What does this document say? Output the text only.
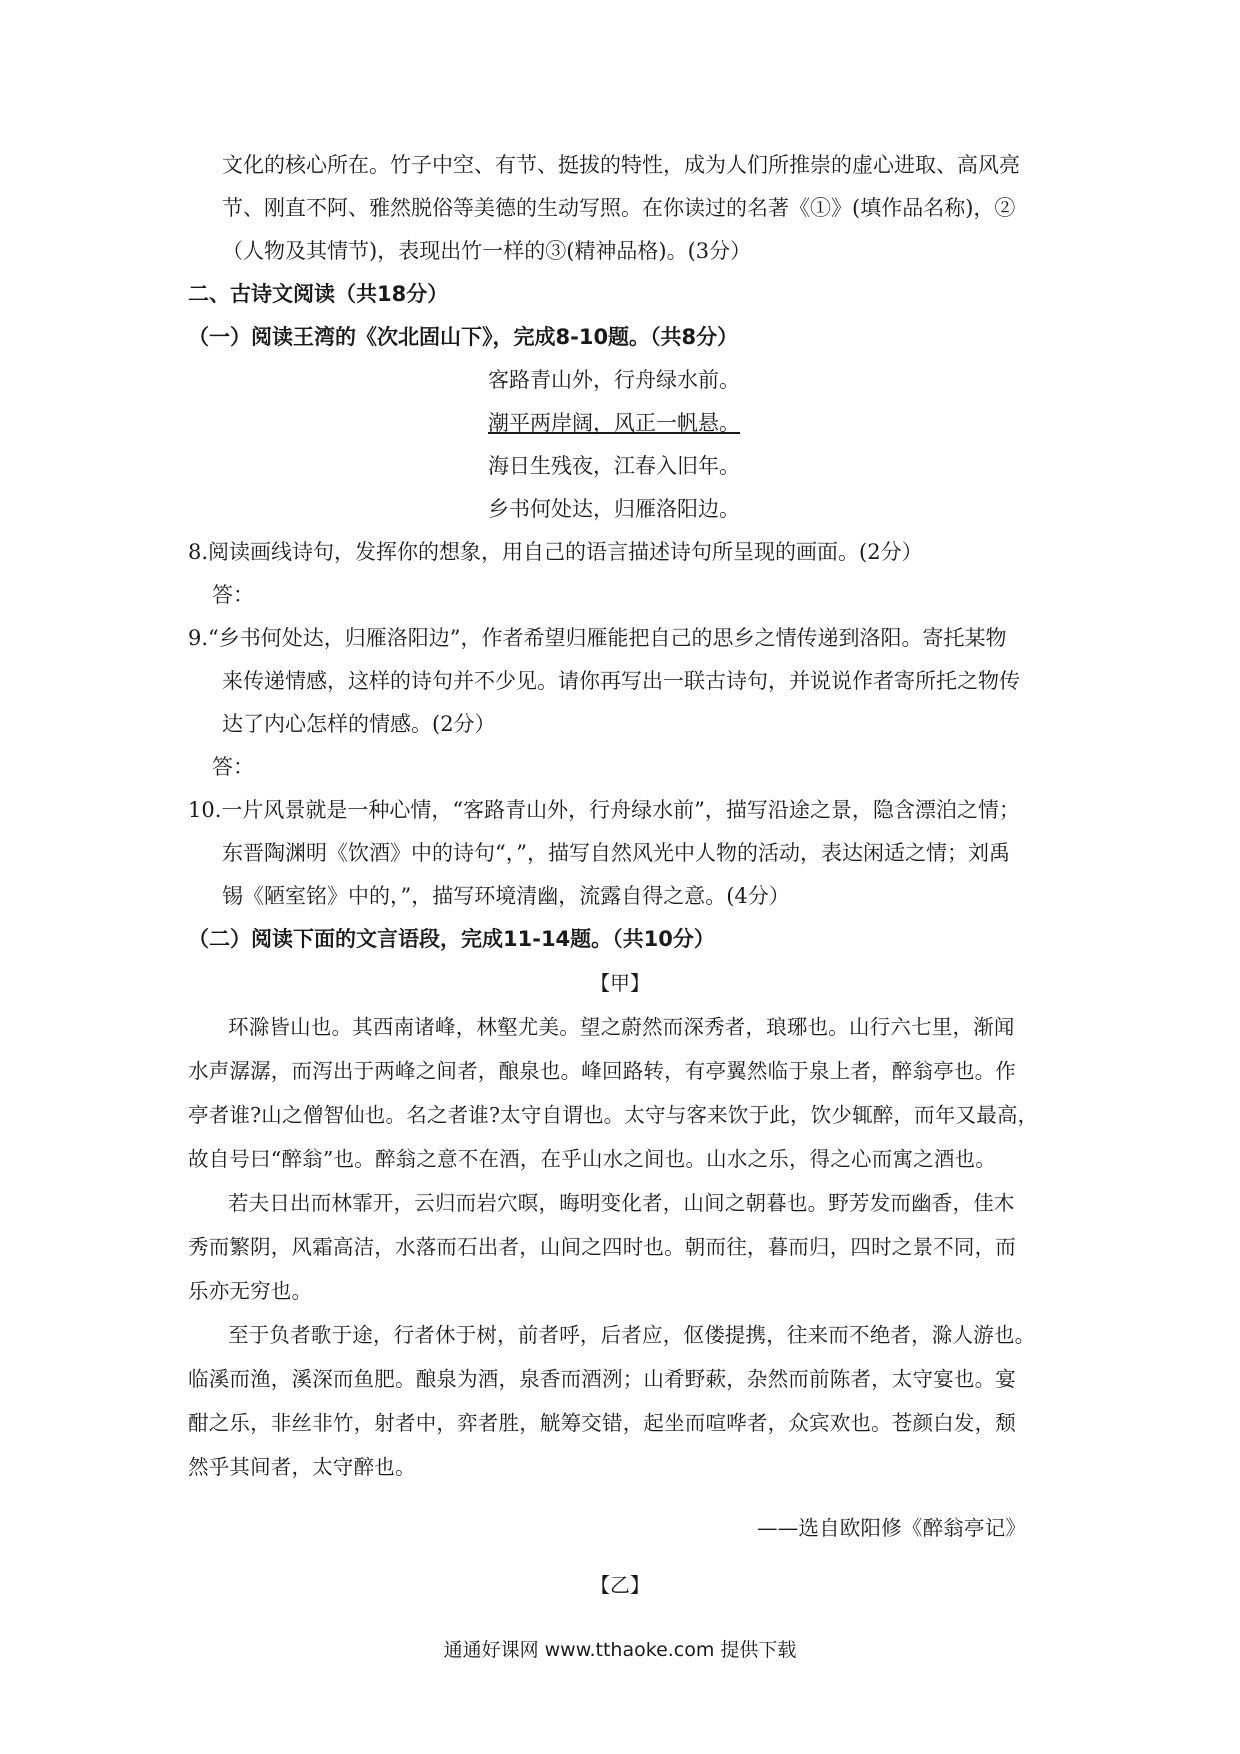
文化的核心所在。竹子中空、有节、挺拔的特性，成为人们所推崇的虚心进取、高风亮
节、刚直不阿、雅然脱俗等美德的生动写照。在你读过的名著《①》(填作品名称)，②
（人物及其情节)，表现出竹一样的③(精神品格)。(3分）
二、古诗文阅读（共18分）
（一）阅读王湾的《次北固山下》，完成8-10题。（共8分）
客路青山外，行舟绿水前。
潮平两岸阔，风正一帆悬。
海日生残夜，江春入旧年。
乡书何处达，归雁洛阳边。
8.阅读画线诗句，发挥你的想象，用自己的语言描述诗句所呈现的画面。(2分）
答：
9.“乡书何处达，归雁洛阳边”，作者希望归雁能把自己的思乡之情传递到洛阳。寄托某物
来传递情感，这样的诗句并不少见。请你再写出一联古诗句，并说说作者寄所托之物传
达了内心怎样的情感。(2分）
答：
10.一片风景就是一种心情，“客路青山外，行舟绿水前”，描写沿途之景，隐含漂泊之情；
东晋陶渊明《饮酒》中的诗句“，”，描写自然风光中人物的活动，表达闲适之情；刘禹
锡《陋室铭》中的，”，描写环境清幽，流露自得之意。(4分）
（二）阅读下面的文言语段，完成11-14题。（共10分）
【甲】
环滁皆山也。其西南诸峰，林壑尤美。望之蔚然而深秀者，琅琊也。山行六七里，渐闻
水声潺潺，而泻出于两峰之间者，酿泉也。峰回路转，有亭翼然临于泉上者，醉翁亭也。作
亭者谁?山之僧智仙也。名之者谁?太守自谓也。太守与客来饮于此，饮少辄醉，而年又最高，
故自号曰“醉翁”也。醉翁之意不在酒，在乎山水之间也。山水之乐，得之心而寓之酒也。
若夫日出而林霏开，云归而岩穴暝，晦明变化者，山间之朝暮也。野芳发而幽香，佳木
秀而繁阴，风霜高洁，水落而石出者，山间之四时也。朝而往，暮而归，四时之景不同，而
乐亦无穷也。
至于负者歌于途，行者休于树，前者呼，后者应，伛偻提携，往来而不绝者，滁人游也。
临溪而渔，溪深而鱼肥。酿泉为酒，泉香而酒洌；山肴野蔌，杂然而前陈者，太守宴也。宴
酣之乐，非丝非竹，射者中，弈者胜，觥筹交错，起坐而喧哗者，众宾欢也。苍颜白发，颓
然乎其间者，太守醉也。
——选自欧阳修《醉翁亭记》
【乙】
通通好课网 www.tthaoke.com 提供下载
